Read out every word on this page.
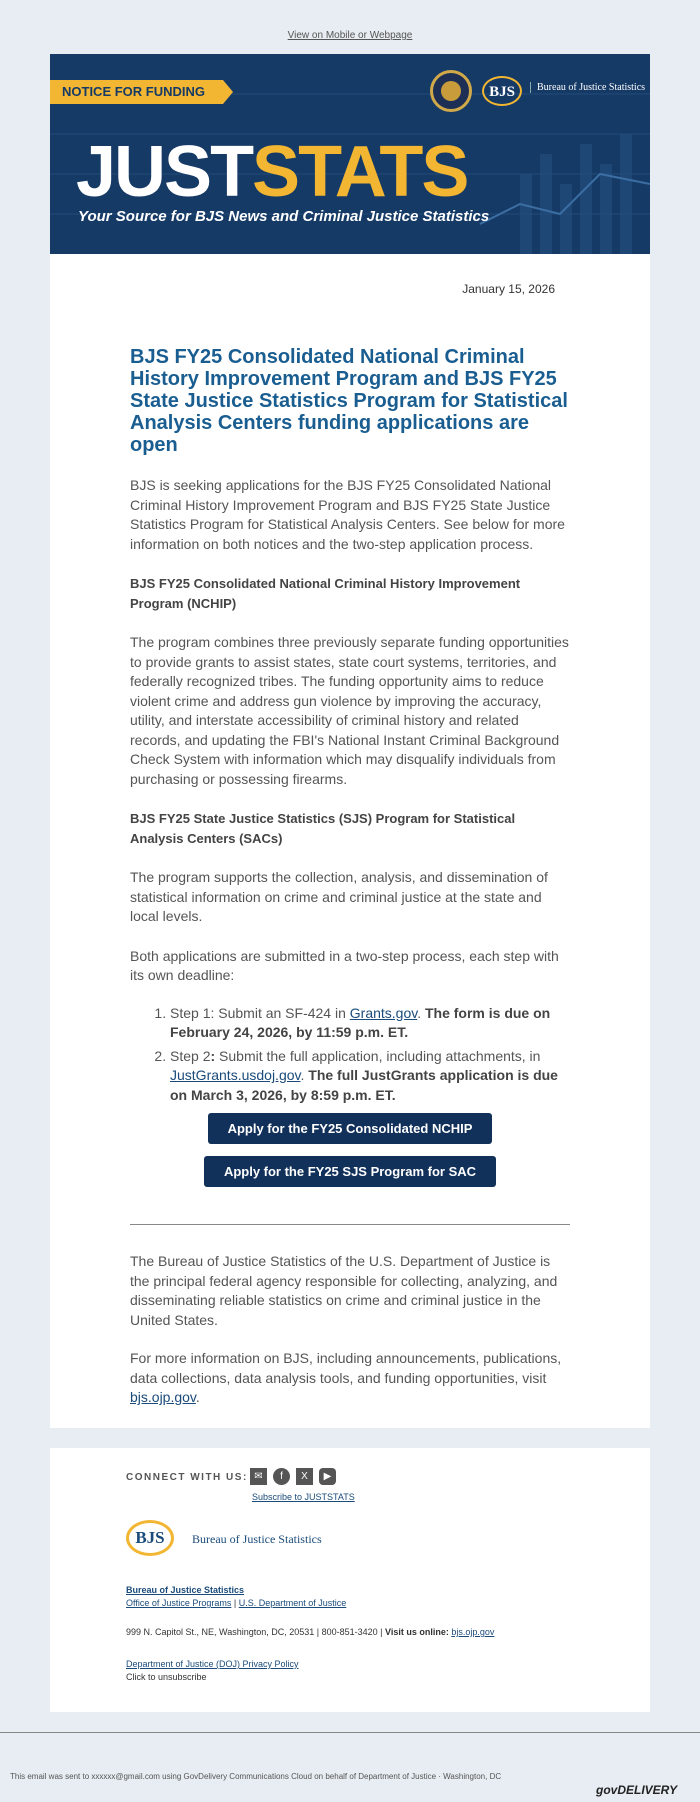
View on Mobile or Webpage
NOTICE FOR FUNDING	BJS	Bureau of Justice Statistics
JUSTSTATS
Your Source for BJS News and Criminal Justice Statistics
January 15, 2026
BJS FY25 Consolidated National Criminal History Improvement Program and BJS FY25 State Justice Statistics Program for Statistical Analysis Centers funding applications are open

BJS is seeking applications for the BJS FY25 Consolidated National Criminal History Improvement Program and BJS FY25 State Justice Statistics Program for Statistical Analysis Centers. See below for more information on both notices and the two-step application process.

BJS FY25 Consolidated National Criminal History Improvement Program (NCHIP)

The program combines three previously separate funding opportunities to provide grants to assist states, state court systems, territories, and federally recognized tribes. The funding opportunity aims to reduce violent crime and address gun violence by improving the accuracy, utility, and interstate accessibility of criminal history and related records, and updating the FBI's National Instant Criminal Background Check System with information which may disqualify individuals from purchasing or possessing firearms.

BJS FY25 State Justice Statistics (SJS) Program for Statistical Analysis Centers (SACs)

The program supports the collection, analysis, and dissemination of statistical information on crime and criminal justice at the state and local levels.

Both applications are submitted in a two-step process, each step with its own deadline:

1. Step 1: Submit an SF-424 in Grants.gov. The form is due on February 24, 2026, by 11:59 p.m. ET.
2. Step 2: Submit the full application, including attachments, in JustGrants.usdoj.gov. The full JustGrants application is due on March 3, 2026, by 8:59 p.m. ET.
Apply for the FY25 Consolidated NCHIP
Apply for the FY25 SJS Program for SAC

The Bureau of Justice Statistics of the U.S. Department of Justice is the principal federal agency responsible for collecting, analyzing, and disseminating reliable statistics on crime and criminal justice in the United States.

For more information on BJS, including announcements, publications, data collections, data analysis tools, and funding opportunities, visit bjs.ojp.gov.

CONNECT WITH US: ✉	f	X	▶
Subscribe to JUSTSTATS
BJS	Bureau of Justice Statistics
Bureau of Justice Statistics
Office of Justice Programs | U.S. Department of Justice
999 N. Capitol St., NE, Washington, DC, 20531 | 800-851-3420 | Visit us online: bjs.ojp.gov
Department of Justice (DOJ) Privacy Policy
Click to unsubscribe
This email was sent to xxxxxx@gmail.com using GovDelivery Communications Cloud on behalf of Department of Justice · Washington, DC
govDELIVERY
